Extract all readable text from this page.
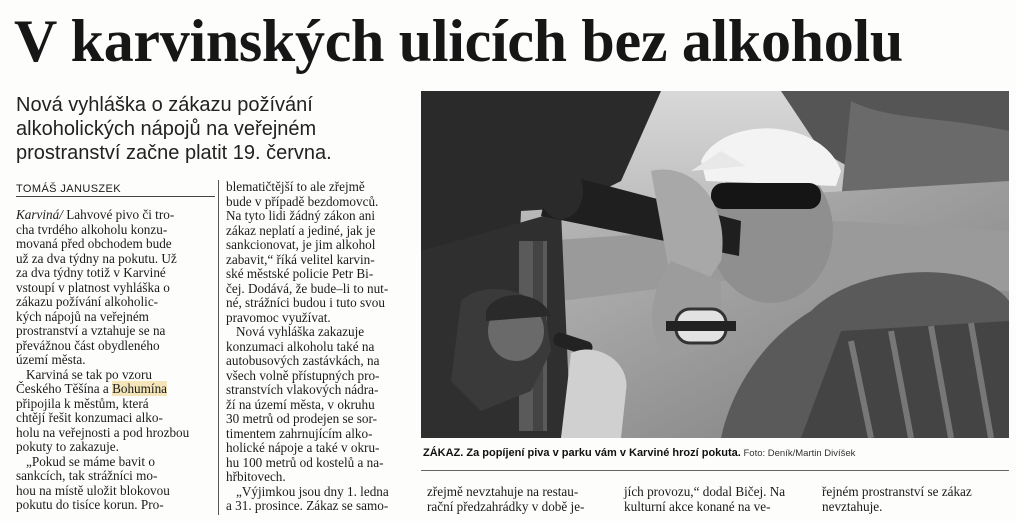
V karvinských ulicích bez alkoholu
Nová vyhláška o zákazu požívání
alkoholických nápojů na veřejném
prostranství začne platit 19. června.
TOMÁŠ JANUSZEK
Karviná/ Lahvové pivo či tro-
cha tvrdého alkoholu konzu-
movaná před obchodem bude
už za dva týdny na pokutu. Už
za dva týdny totiž v Karviné
vstoupí v platnost vyhláška o
zákazu požívání alkoholic-
kých nápojů na veřejném
prostranství a vztahuje se na
převážnou část obydleného
území města.
Karviná se tak po vzoru
Českého Těšína a Bohumína
připojila k městům, která
chtějí řešit konzumaci alko-
holu na veřejnosti a pod hrozbou
pokuty to zakazuje.
„Pokud se máme bavit o
sankcích, tak strážníci mo-
hou na místě uložit blokovou
pokutu do tisíce korun. Pro-
blematičtější to ale zřejmě
bude v případě bezdomovců.
Na tyto lidi žádný zákon ani
zákaz neplatí a jediné, jak je
sankcionovat, je jim alkohol
zabavit,“ říká velitel karvin-
ské městské policie Petr Bi-
čej. Dodává, že bude–li to nut-
né, strážníci budou i tuto svou
pravomoc využívat.
Nová vyhláška zakazuje
konzumaci alkoholu také na
autobusových zastávkách, na
všech volně přístupných pro-
stranstvích vlakových nádra-
ží na území města, v okruhu
30 metrů od prodejen se sor-
timentem zahrnujícím alko-
holické nápoje a také v okru-
hu 100 metrů od kostelů a na-
hřbitovech.
„Výjimkou jsou dny 1. ledna
a 31. prosince. Zákaz se samo-
ZÁKAZ. Za popíjení piva v parku vám v Karviné hrozí pokuta. Foto: Deník/Martin Divíšek
zřejmě nevztahuje na restau-
rační předzahrádky v době je-
jích provozu,“ dodal Bičej. Na
kulturní akce konané na ve-
řejném prostranství se zákaz
nevztahuje.
